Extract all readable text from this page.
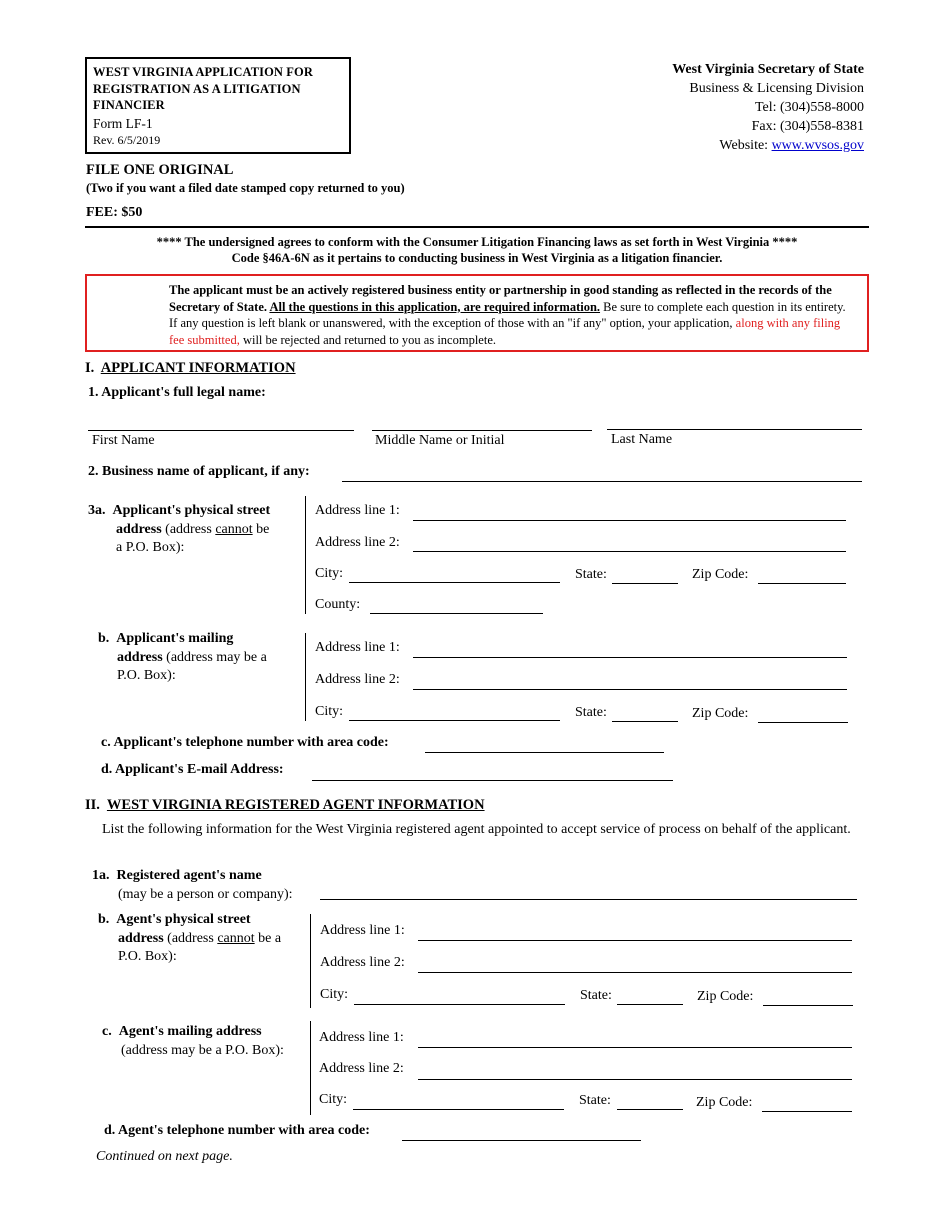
WEST VIRGINIA APPLICATION FOR REGISTRATION AS A LITIGATION FINANCIER
Form LF-1
Rev. 6/5/2019
West Virginia Secretary of State
Business & Licensing Division
Tel: (304)558-8000
Fax: (304)558-8381
Website: www.wvsos.gov
FILE ONE ORIGINAL
(Two if you want a filed date stamped copy returned to you)
FEE: $50
**** The undersigned agrees to conform with the Consumer Litigation Financing laws as set forth in West Virginia ****
Code §46A-6N as it pertains to conducting business in West Virginia as a litigation financier.
The applicant must be an actively registered business entity or partnership in good standing as reflected in the records of the Secretary of State. All the questions in this application, are required information. Be sure to complete each question in its entirety. If any question is left blank or unanswered, with the exception of those with an "if any" option, your application, along with any filing fee submitted, will be rejected and returned to you as incomplete.
I. APPLICANT INFORMATION
1. Applicant's full legal name:
First Name	Middle Name or Initial	Last Name
2. Business name of applicant, if any:
3a. Applicant's physical street
address (address cannot be
a P.O. Box):
Address line 1:
Address line 2:
City:	State:	Zip Code:
County:
b. Applicant's mailing
address (address may be a
P.O. Box):
Address line 1:
Address line 2:
City:	State:	Zip Code:
c. Applicant's telephone number with area code:
d. Applicant's E-mail Address:
II. WEST VIRGINIA REGISTERED AGENT INFORMATION
List the following information for the West Virginia registered agent appointed to accept service of process on behalf of the applicant.
1a. Registered agent's name
(may be a person or company):
b. Agent's physical street
address (address cannot be a
P.O. Box):
Address line 1:
Address line 2:
City:	State:	Zip Code:
c. Agent's mailing address
(address may be a P.O. Box):
Address line 1:
Address line 2:
City:	State:	Zip Code:
d. Agent's telephone number with area code:
Continued on next page.
